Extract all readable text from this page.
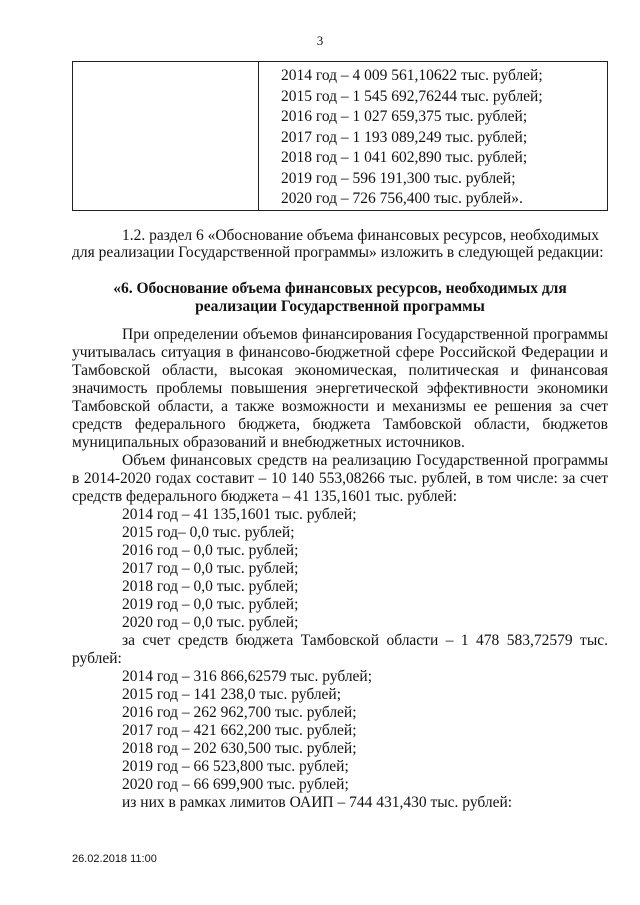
3

2014 год – 4 009 561,10622 тыс. рублей;
2015 год – 1 545 692,76244 тыс. рублей;
2016 год – 1 027 659,375 тыс. рублей;
2017 год – 1 193 089,249 тыс. рублей;
2018 год – 1 041 602,890 тыс. рублей;
2019 год – 596 191,300 тыс. рублей;
2020 год – 726 756,400 тыс. рублей».
1.2. раздел 6 «Обоснование объема финансовых ресурсов, необходимых
для реализации Государственной программы» изложить в следующей редакции:
«6. Обоснование объема финансовых ресурсов, необходимых для
реализации Государственной программы
При определении объемов финансирования Государственной программы
учитывалась ситуация в финансово-бюджетной сфере Российской Федерации и
Тамбовской области, высокая экономическая, политическая и финансовая
значимость проблемы повышения энергетической эффективности экономики
Тамбовской области, а также возможности и механизмы ее решения за счет
средств федерального бюджета, бюджета Тамбовской области, бюджетов
муниципальных образований и внебюджетных источников.
Объем финансовых средств на реализацию Государственной программы
в 2014-2020 годах составит – 10 140 553,08266 тыс. рублей, в том числе: за счет
средств федерального бюджета – 41 135,1601 тыс. рублей:
2014 год – 41 135,1601 тыс. рублей;
2015 год– 0,0 тыс. рублей;
2016 год – 0,0 тыс. рублей;
2017 год – 0,0 тыс. рублей;
2018 год – 0,0 тыс. рублей;
2019 год – 0,0 тыс. рублей;
2020 год – 0,0 тыс. рублей;
за счет средств бюджета Тамбовской области – 1 478 583,72579 тыс.
рублей:
2014 год – 316 866,62579 тыс. рублей;
2015 год – 141 238,0 тыс. рублей;
2016 год – 262 962,700 тыс. рублей;
2017 год – 421 662,200 тыс. рублей;
2018 год – 202 630,500 тыс. рублей;
2019 год – 66 523,800 тыс. рублей;
2020 год – 66 699,900 тыс. рублей;
из них в рамках лимитов ОАИП – 744 431,430 тыс. рублей:
26.02.2018 11:00
